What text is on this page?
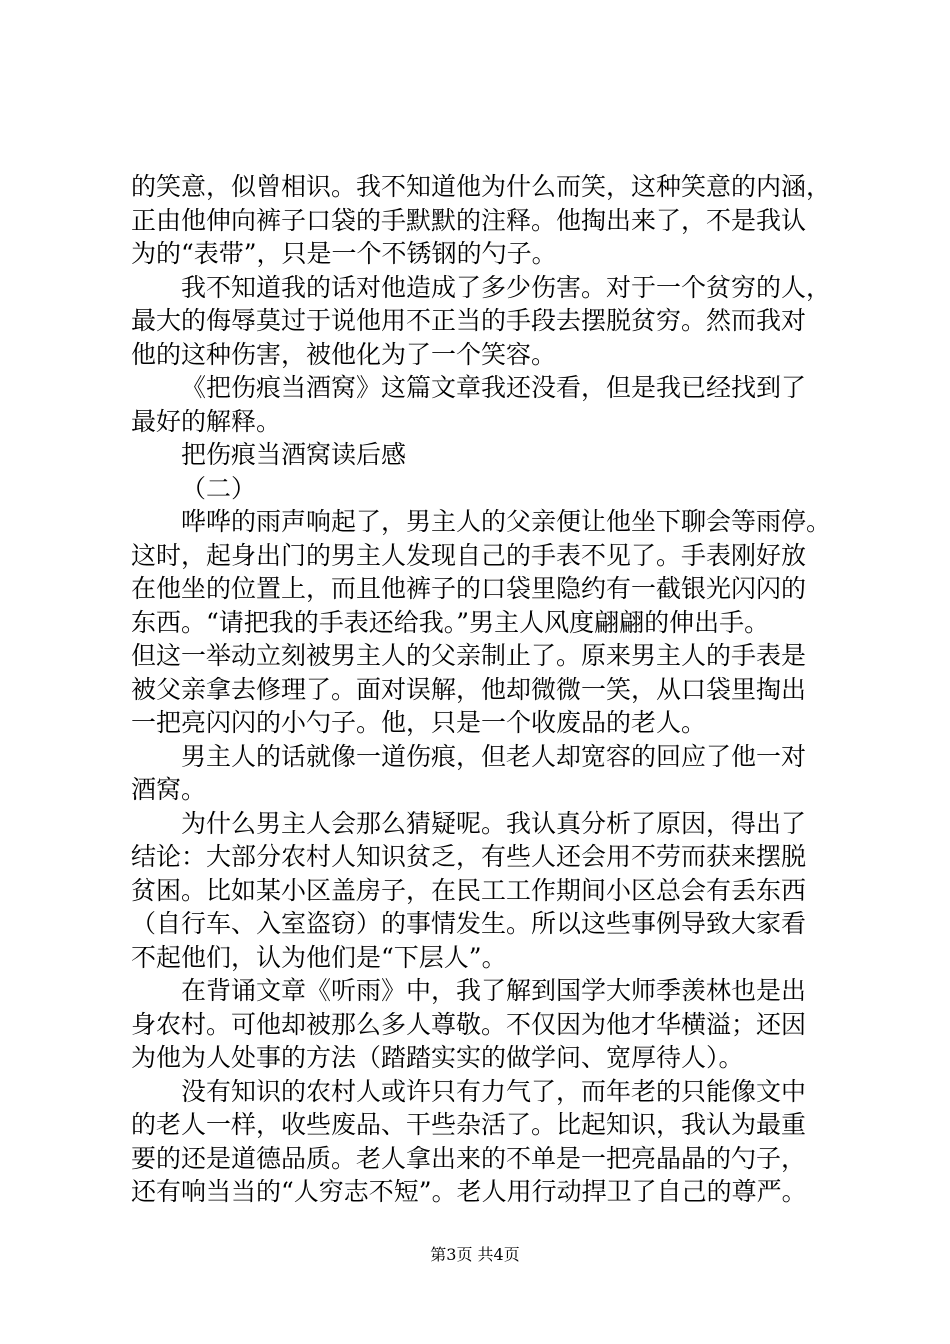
的笑意，似曾相识。我不知道他为什么而笑，这种笑意的内涵，
正由他伸向裤子口袋的手默默的注释。他掏出来了，不是我认
为的“表带”，只是一个不锈钢的勺子。
我不知道我的话对他造成了多少伤害。对于一个贫穷的人，
最大的侮辱莫过于说他用不正当的手段去摆脱贫穷。然而我对
他的这种伤害，被他化为了一个笑容。
《把伤痕当酒窝》这篇文章我还没看，但是我已经找到了
最好的解释。
把伤痕当酒窝读后感
（二）
哗哗的雨声响起了，男主人的父亲便让他坐下聊会等雨停。
这时，起身出门的男主人发现自己的手表不见了。手表刚好放
在他坐的位置上，而且他裤子的口袋里隐约有一截银光闪闪的
东西。“请把我的手表还给我。”男主人风度翩翩的伸出手。
但这一举动立刻被男主人的父亲制止了。原来男主人的手表是
被父亲拿去修理了。面对误解，他却微微一笑，从口袋里掏出
一把亮闪闪的小勺子。他，只是一个收废品的老人。
男主人的话就像一道伤痕，但老人却宽容的回应了他一对
酒窝。
为什么男主人会那么猜疑呢。我认真分析了原因，得出了
结论：大部分农村人知识贫乏，有些人还会用不劳而获来摆脱
贫困。比如某小区盖房子，在民工工作期间小区总会有丢东西
（自行车、入室盗窃）的事情发生。所以这些事例导致大家看
不起他们，认为他们是“下层人”。
在背诵文章《听雨》中，我了解到国学大师季羡林也是出
身农村。可他却被那么多人尊敬。不仅因为他才华横溢；还因
为他为人处事的方法（踏踏实实的做学问、宽厚待人）。
没有知识的农村人或许只有力气了，而年老的只能像文中
的老人一样，收些废品、干些杂活了。比起知识，我认为最重
要的还是道德品质。老人拿出来的不单是一把亮晶晶的勺子，
还有响当当的“人穷志不短”。老人用行动捍卫了自己的尊严。
第3页 共4页
